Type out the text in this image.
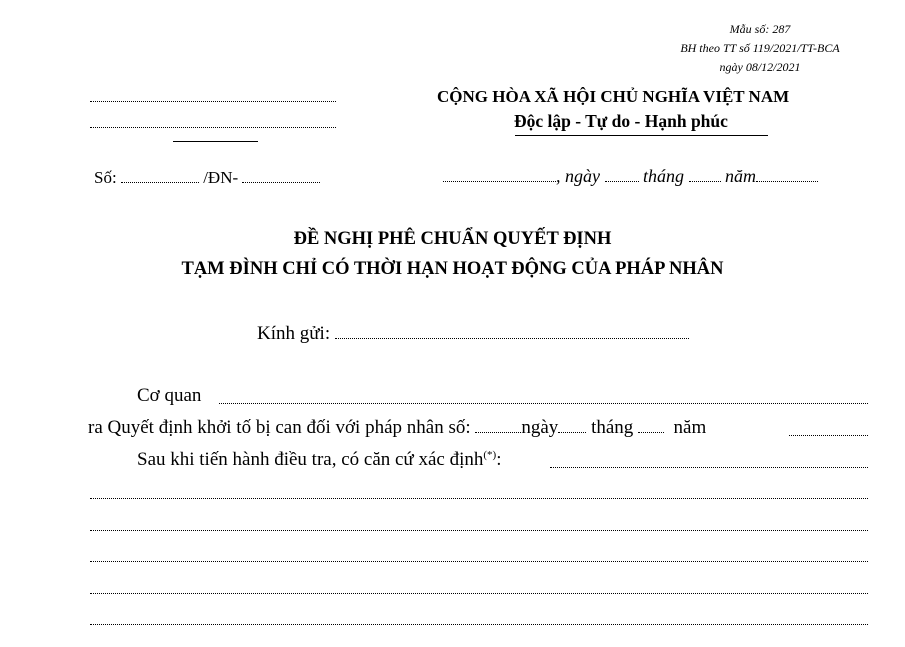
Mẫu số: 287
BH theo TT số 119/2021/TT-BCA
ngày 08/12/2021
CỘNG HÒA XÃ HỘI CHỦ NGHĨA VIỆT NAM
Độc lập - Tự do - Hạnh phúc
Số:	/ĐN-	, ngày tháng năm
ĐỀ NGHỊ PHÊ CHUẨN QUYẾT ĐỊNH
TẠM ĐÌNH CHỈ CÓ THỜI HẠN HOẠT ĐỘNG CỦA PHÁP NHÂN
Kính gửi:
Cơ quan
ra Quyết định khởi tố bị can đối với pháp nhân số:	ngày tháng năm
Sau khi tiến hành điều tra, có căn cứ xác định(*):
